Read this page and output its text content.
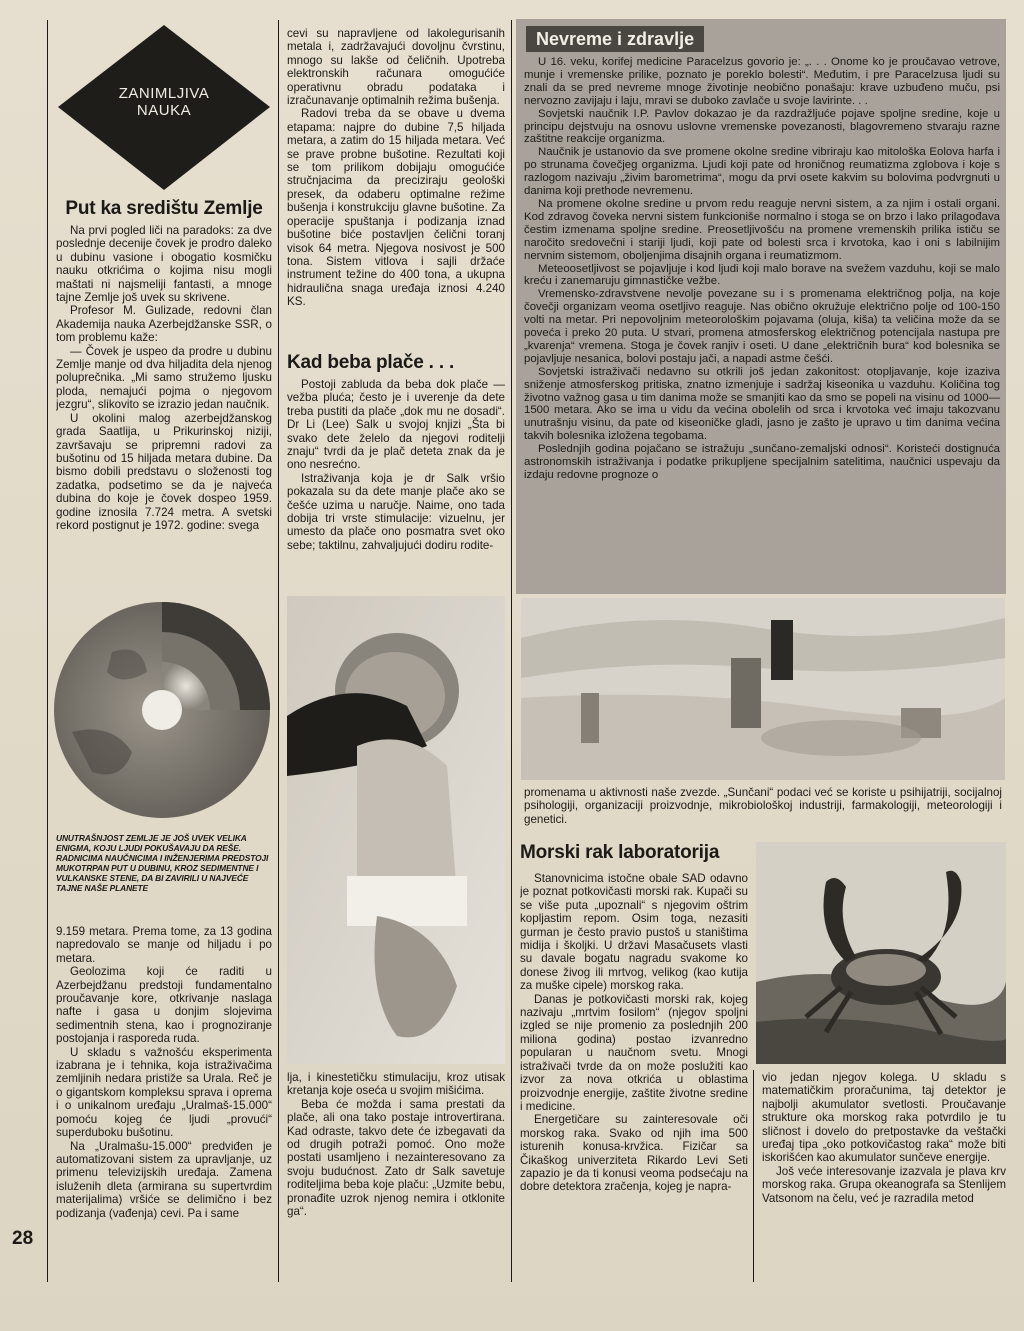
ZANIMLJIVA
NAUKA
Put ka središtu Zemlje

Na prvi pogled liči na paradoks: za dve poslednje decenije čovek je prodro daleko u dubinu vasione i obogatio kosmičku nauku otkrićima o kojima nisu mogli maštati ni najsmeliji fantasti, a mnoge tajne Zemlje još uvek su skrivene.

Profesor M. Gulizade, redovni član Akademija nauka Azerbejdžanske SSR, o tom problemu kaže:

— Čovek je uspeo da prodre u dubinu Zemlje manje od dva hiljadita dela njenog poluprečnika. „Mi samo stružemo ljusku ploda, nemajući pojma o njegovom jezgru“, slikovito se izrazio jedan naučnik.

U okolini malog azerbejdžanskog grada Saatlija, u Prikurinskoj niziji, završavaju se pripremni radovi za bušotinu od 15 hiljada metara dubine. Da bismo dobili predstavu o složenosti tog zadatka, podsetimo se da je najveća dubina do koje je čovek dospeo 1959. godine iznosila 7.724 metra. A svetski rekord postignut je 1972. godine: svega

UNUTRAŠNJOST ZEMLJE JE JOŠ UVEK VELIKA ENIGMA, KOJU LJUDI POKUŠAVAJU DA REŠE. RADNICIMA NAUČNICIMA I INŽENJERIMA PREDSTOJI MUKOTRPAN PUT U DUBINU, KROZ SEDIMENTNE I VULKANSKE STENE, DA BI ZAVIRILI U NAJVEĆE TAJNE NAŠE PLANETE

9.159 metara. Prema tome, za 13 godina napredovalo se manje od hiljadu i po metara.

Geolozima koji će raditi u Azerbejdžanu predstoji fundamentalno proučavanje kore, otkrivanje naslaga nafte i gasa u donjim slojevima sedimentnih stena, kao i prognoziranje postojanja i rasporeda ruda.

U skladu s važnošću eksperimenta izabrana je i tehnika, koja istraživačima zemljinih nedara pristiže sa Urala. Reč je o gigantskom kompleksu sprava i oprema i o unikalnom uređaju „Uralmaš-15.000“ pomoću kojeg će ljudi „provući“ superduboku bušotinu.

Na „Uralmašu-15.000“ predviđen je automatizovani sistem za upravljanje, uz primenu televizijskih uređaja. Zamena isluženih dleta (armirana su supertvrdim materijalima) vršiće se delimično i bez podizanja (vađenja) cevi. Pa i same

cevi su napravljene od lakolegurisanih metala i, zadržavajući dovoljnu čvrstinu, mnogo su lakše od čeličnih. Upotreba elektronskih računara omogućiće operativnu obradu podataka i izračunavanje optimalnih režima bušenja.

Radovi treba da se obave u dvema etapama: najpre do dubine 7,5 hiljada metara, a zatim do 15 hiljada metara. Već se prave probne bušotine. Rezultati koji se tom prilikom dobijaju omogućiće stručnjacima da preciziraju geološki presek, da odaberu optimalne režime bušenja i konstrukciju glavne bušotine. Za operacije spuštanja i podizanja iznad bušotine biće postavljen čelični toranj visok 64 metra. Njegova nosivost je 500 tona. Sistem vitlova i sajli držaće instrument težine do 400 tona, a ukupna hidraulična snaga uređaja iznosi 4.240 KS.

Kad beba plače . . .

Postoji zabluda da beba dok plače — vežba pluća; često je i uverenje da dete treba pustiti da plače „dok mu ne dosadi“. Dr Li (Lee) Salk u svojoj knjizi „Šta bi svako dete želelo da njegovi roditelji znaju“ tvrdi da je plač deteta znak da je ono nesrećno.

Istraživanja koja je dr Salk vršio pokazala su da dete manje plače ako se češće uzima u naručje. Naime, ono tada dobija tri vrste stimulacije: vizuelnu, jer umesto da plače ono posmatra svet oko sebe; taktilnu, zahvaljujući dodiru rodite-

lja, i kinestetičku stimulaciju, kroz utisak kretanja koje oseća u svojim mišićima.

Beba će možda i sama prestati da plače, ali ona tako postaje introvertirana. Kad odraste, takvo dete će izbegavati da od drugih potraži pomoć. Ono može postati usamljeno i nezainteresovano za svoju budućnost. Zato dr Salk savetuje roditeljima beba koje plaču: „Uzmite bebu, pronađite uzrok njenog nemira i otklonite ga“.

Nevreme i zdravlje

U 16. veku, korifej medicine Paracelzus govorio je: „. . . Onome ko je proučavao vetrove, munje i vremenske prilike, poznato je poreklo bolesti“. Međutim, i pre Paracelzusa ljudi su znali da se pred nevreme mnoge životinje neobično ponašaju: krave uzbuđeno muču, psi nervozno zavijaju i laju, mravi se duboko zavlače u svoje lavirinte. . .

Sovjetski naučnik I.P. Pavlov dokazao je da razdražljuće pojave spoljne sredine, koje u principu dejstvuju na osnovu uslovne vremenske povezanosti, blagovremeno stvaraju razne zaštitne reakcije organizma.

Naučnik je ustanovio da sve promene okolne sredine vibriraju kao mitološka Eolova harfa i po strunama čovečjeg organizma. Ljudi koji pate od hroničnog reumatizma zglobova i koje s razlogom nazivaju „živim barometrima“, mogu da prvi osete kakvim su bolovima podvrgnuti u danima koji prethode nevremenu.

Na promene okolne sredine u prvom redu reaguje nervni sistem, a za njim i ostali organi. Kod zdravog čoveka nervni sistem funkcioniše normalno i stoga se on brzo i lako prilagođava čestim izmenama spoljne sredine. Preosetljivošću na promene vremenskih prilika ističu se naročito sredovečni i stariji ljudi, koji pate od bolesti srca i krvotoka, kao i oni s labilnijim nervnim sistemom, oboljenjima disajnih organa i reumatizmom.

Meteoosetljivost se pojavljuje i kod ljudi koji malo borave na svežem vazduhu, koji se malo kreću i zanemaruju gimnastičke vežbe.

Vremensko-zdravstvene nevolje povezane su i s promenama električnog polja, na koje čovečji organizam veoma osetljivo reaguje. Nas obično okružuje električno polje od 100-150 volti na metar. Pri nepovoljnim meteorološkim pojavama (oluja, kiša) ta veličina može da se poveća i preko 20 puta. U stvari, promena atmosferskog električnog potencijala nastupa pre „kvarenja“ vremena. Stoga je čovek ranjiv i oseti. U dane „električnih bura“ kod bolesnika se pojavljuje nesanica, bolovi postaju jači, a napadi astme češći.

Sovjetski istraživači nedavno su otkrili još jedan zakonitost: otopljavanje, koje izaziva sniženje atmosferskog pritiska, znatno izmenjuje i sadržaj kiseonika u vazduhu. Količina tog životno važnog gasa u tim danima može se smanjiti kao da smo se popeli na visinu od 1000—1500 metara. Ako se ima u vidu da većina obolelih od srca i krvotoka već imaju takozvanu unutrašnju visinu, da pate od kiseoničke gladi, jasno je zašto je upravo u tim danima većina takvih bolesnika izložena tegobama.

Poslednjih godina pojačano se istražuju „sunčano-zemaljski odnosi“. Koristeći dostignuća astronomskih istraživanja i podatke prikupljene specijalnim satelitima, naučnici uspevaju da izdaju redovne prognoze o

promenama u aktivnosti naše zvezde. „Sunčani“ podaci već se koriste u psihijatriji, socijalnoj psihologiji, organizaciji proizvodnje, mikrobiološkoj industriji, farmakologiji, meteorologiji i genetici.

Morski rak laboratorija

Stanovnicima istočne obale SAD odavno je poznat potkovičasti morski rak. Kupači su se više puta „upoznali“ s njegovim oštrim kopljastim repom. Osim toga, nezasiti gurman je često pravio pustoš u staništima midija i školjki. U državi Masačusets vlasti su davale bogatu nagradu svakome ko donese živog ili mrtvog, velikog (kao kutija za muške cipele) morskog raka.

Danas je potkovičasti morski rak, kojeg nazivaju „mrtvim fosilom“ (njegov spoljni izgled se nije promenio za poslednjih 200 miliona godina) postao izvanredno popularan u naučnom svetu. Mnogi istraživači tvrde da on može poslužiti kao izvor za nova otkrića u oblastima proizvodnje energije, zaštite životne sredine i medicine.

Energetičare su zainteresovale oči morskog raka. Svako od njih ima 500 isturenih konusa-krvžica. Fizičar sa Čikaškog univerziteta Rikardo Levi Seti zapazio je da ti konusi veoma podsećaju na dobre detektora zračenja, kojeg je napra-

vio jedan njegov kolega. U skladu s matematičkim proračunima, taj detektor je najbolji akumulator svetlosti. Proučavanje strukture oka morskog raka potvrdilo je tu sličnost i dovelo do pretpostavke da veštački uređaj tipa „oko potkovičastog raka“ može biti iskorišćen kao akumulator sunčeve energije.

Još veće interesovanje izazvala je plava krv morskog raka. Grupa okeanografa sa Stenlijem Vatsonom na čelu, već je razradila metod

28
